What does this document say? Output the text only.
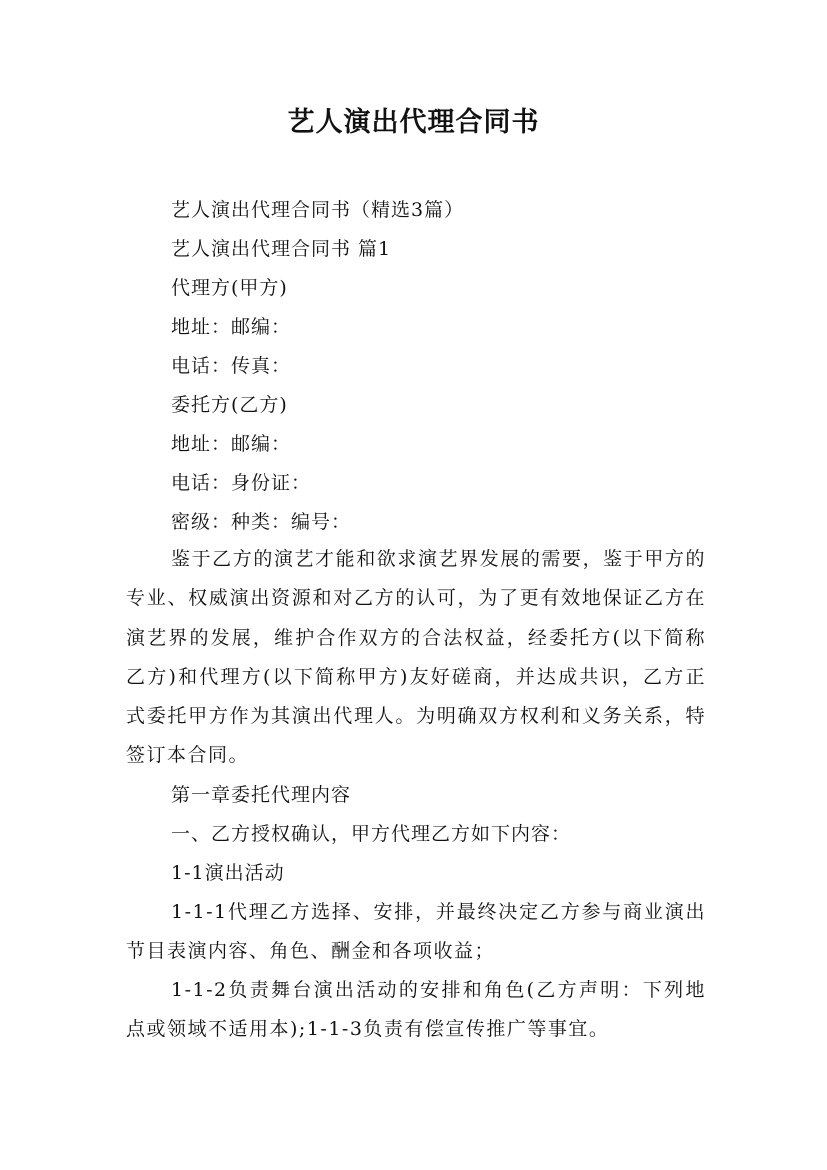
艺人演出代理合同书
艺人演出代理合同书（精选3篇）
艺人演出代理合同书 篇1
代理方(甲方)
地址：邮编：
电话：传真：
委托方(乙方)
地址：邮编：
电话：身份证：
密级：种类：编号：
鉴于乙方的演艺才能和欲求演艺界发展的需要，鉴于甲方的专业、权威演出资源和对乙方的认可，为了更有效地保证乙方在演艺界的发展，维护合作双方的合法权益，经委托方(以下简称乙方)和代理方(以下简称甲方)友好磋商，并达成共识，乙方正式委托甲方作为其演出代理人。为明确双方权利和义务关系，特签订本合同。
第一章委托代理内容
一、乙方授权确认，甲方代理乙方如下内容：
1-1演出活动
1-1-1代理乙方选择、安排，并最终决定乙方参与商业演出节目表演内容、角色、酬金和各项收益；
1-1-2负责舞台演出活动的安排和角色(乙方声明：下列地点或领域不适用本);1-1-3负责有偿宣传推广等事宜。
